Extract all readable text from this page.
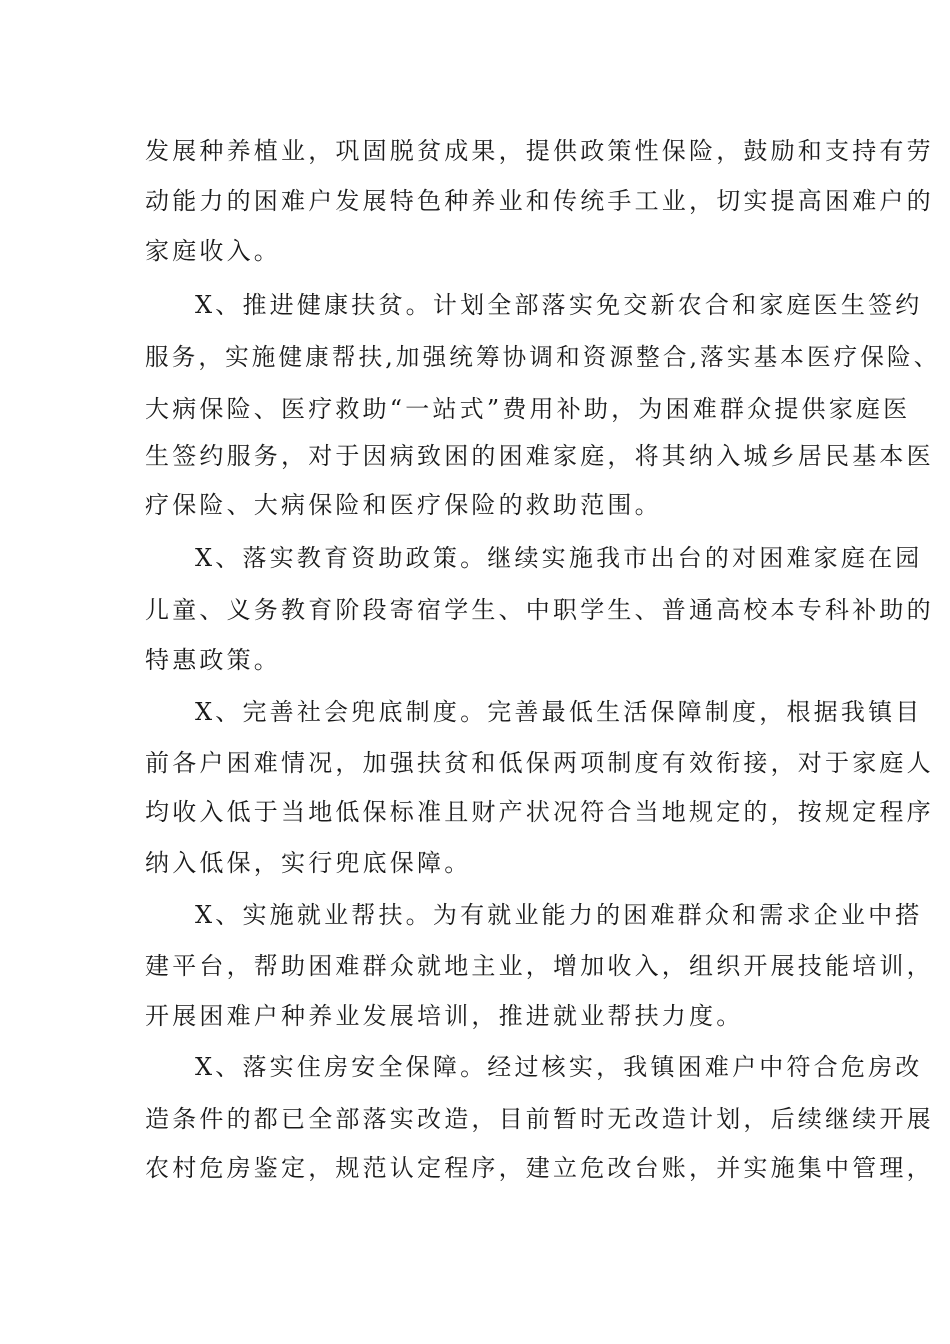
发展种养植业，巩固脱贫成果，提供政策性保险，鼓励和支持有劳
动能力的困难户发展特色种养业和传统手工业，切实提高困难户的
家庭收入。
X、推进健康扶贫。计划全部落实免交新农合和家庭医生签约
服务，实施健康帮扶,加强统筹协调和资源整合,落实基本医疗保险、
大病保险、医疗救助“一站式”费用补助，为困难群众提供家庭医
生签约服务，对于因病致困的困难家庭，将其纳入城乡居民基本医
疗保险、大病保险和医疗保险的救助范围。
X、落实教育资助政策。继续实施我市出台的对困难家庭在园
儿童、义务教育阶段寄宿学生、中职学生、普通高校本专科补助的
特惠政策。
X、完善社会兜底制度。完善最低生活保障制度，根据我镇目
前各户困难情况，加强扶贫和低保两项制度有效衔接，对于家庭人
均收入低于当地低保标准且财产状况符合当地规定的，按规定程序
纳入低保，实行兜底保障。
X、实施就业帮扶。为有就业能力的困难群众和需求企业中搭
建平台，帮助困难群众就地主业，增加收入，组织开展技能培训，
开展困难户种养业发展培训，推进就业帮扶力度。
X、落实住房安全保障。经过核实，我镇困难户中符合危房改
造条件的都已全部落实改造，目前暂时无改造计划，后续继续开展
农村危房鉴定，规范认定程序，建立危改台账，并实施集中管理，
